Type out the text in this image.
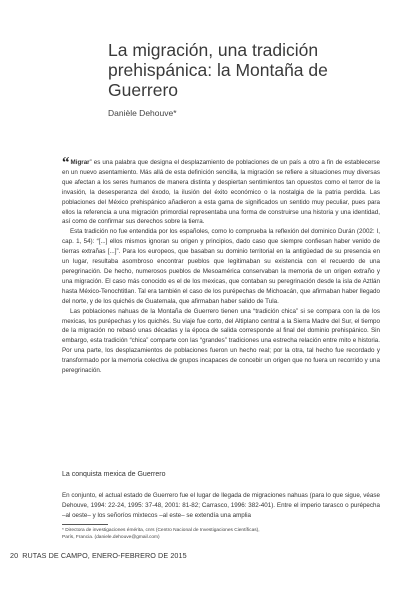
La migración, una tradición prehispánica: la Montaña de Guerrero
Danièle Dehouve*

“Migrar” es una palabra que designa el desplazamiento de poblaciones de un país a otro a fin de establecerse en un nuevo asentamiento. Más allá de esta definición sencilla, la migración se refiere a situaciones muy diversas que afectan a los seres humanos de manera distinta y despiertan sentimientos tan opuestos como el terror de la invasión, la desesperanza del éxodo, la ilusión del éxito económico o la nostalgia de la patria perdida. Las poblaciones del México prehispánico añadieron a esta gama de significados un sentido muy peculiar, pues para ellos la referencia a una migración primordial representaba una forma de construirse una historia y una identidad, así como de confirmar sus derechos sobre la tierra.

Esta tradición no fue entendida por los españoles, como lo comprueba la reflexión del dominico Durán (2002: I, cap. 1, 54): “[...] ellos mismos ignoran su origen y principios, dado caso que siempre confiesan haber venido de tierras extrañas [...]”. Para los europeos, que basaban su dominio territorial en la antigüedad de su presencia en un lugar, resultaba asombroso encontrar pueblos que legitimaban su existencia con el recuerdo de una peregrinación. De hecho, numerosos pueblos de Mesoamérica conservaban la memoria de un origen extraño y una migración. El caso más conocido es el de los mexicas, que contaban su peregrinación desde la isla de Aztlán hasta México-Tenochtitlan. Tal era también el caso de los purépechas de Michoacán, que afirmaban haber llegado del norte, y de los quichés de Guatemala, que afirmaban haber salido de Tula.

Las poblaciones nahuas de la Montaña de Guerrero tienen una “tradición chica” si se compara con la de los mexicas, los purépechas y los quichés. Su viaje fue corto, del Altiplano central a la Sierra Madre del Sur, el tiempo de la migración no rebasó unas décadas y la época de salida corresponde al final del dominio prehispánico. Sin embargo, esta tradición “chica” comparte con las “grandes” tradiciones una estrecha relación entre mito e historia. Por una parte, los desplazamientos de poblaciones fueron un hecho real; por la otra, tal hecho fue recordado y transformado por la memoria colectiva de grupos incapaces de concebir un origen que no fuera un recorrido y una peregrinación.

La conquista mexica de Guerrero

En conjunto, el actual estado de Guerrero fue el lugar de llegada de migraciones nahuas (para lo que sigue, véase Dehouve, 1994: 22-24, 1995: 37-48, 2001: 81-82; Carrasco, 1996: 382-401). Entre el imperio tarasco o purépecha –al oeste– y los señoríos mixtecos –al este– se extendía una amplia

* Directora de investigaciones émérita, cnrs (Centro Nacional de Investigaciones Científicas),
París, Francia. (daniele.dehouve@gmail.com)
20 RUTAS DE CAMPO, ENERO-FEBRERO DE 2015
